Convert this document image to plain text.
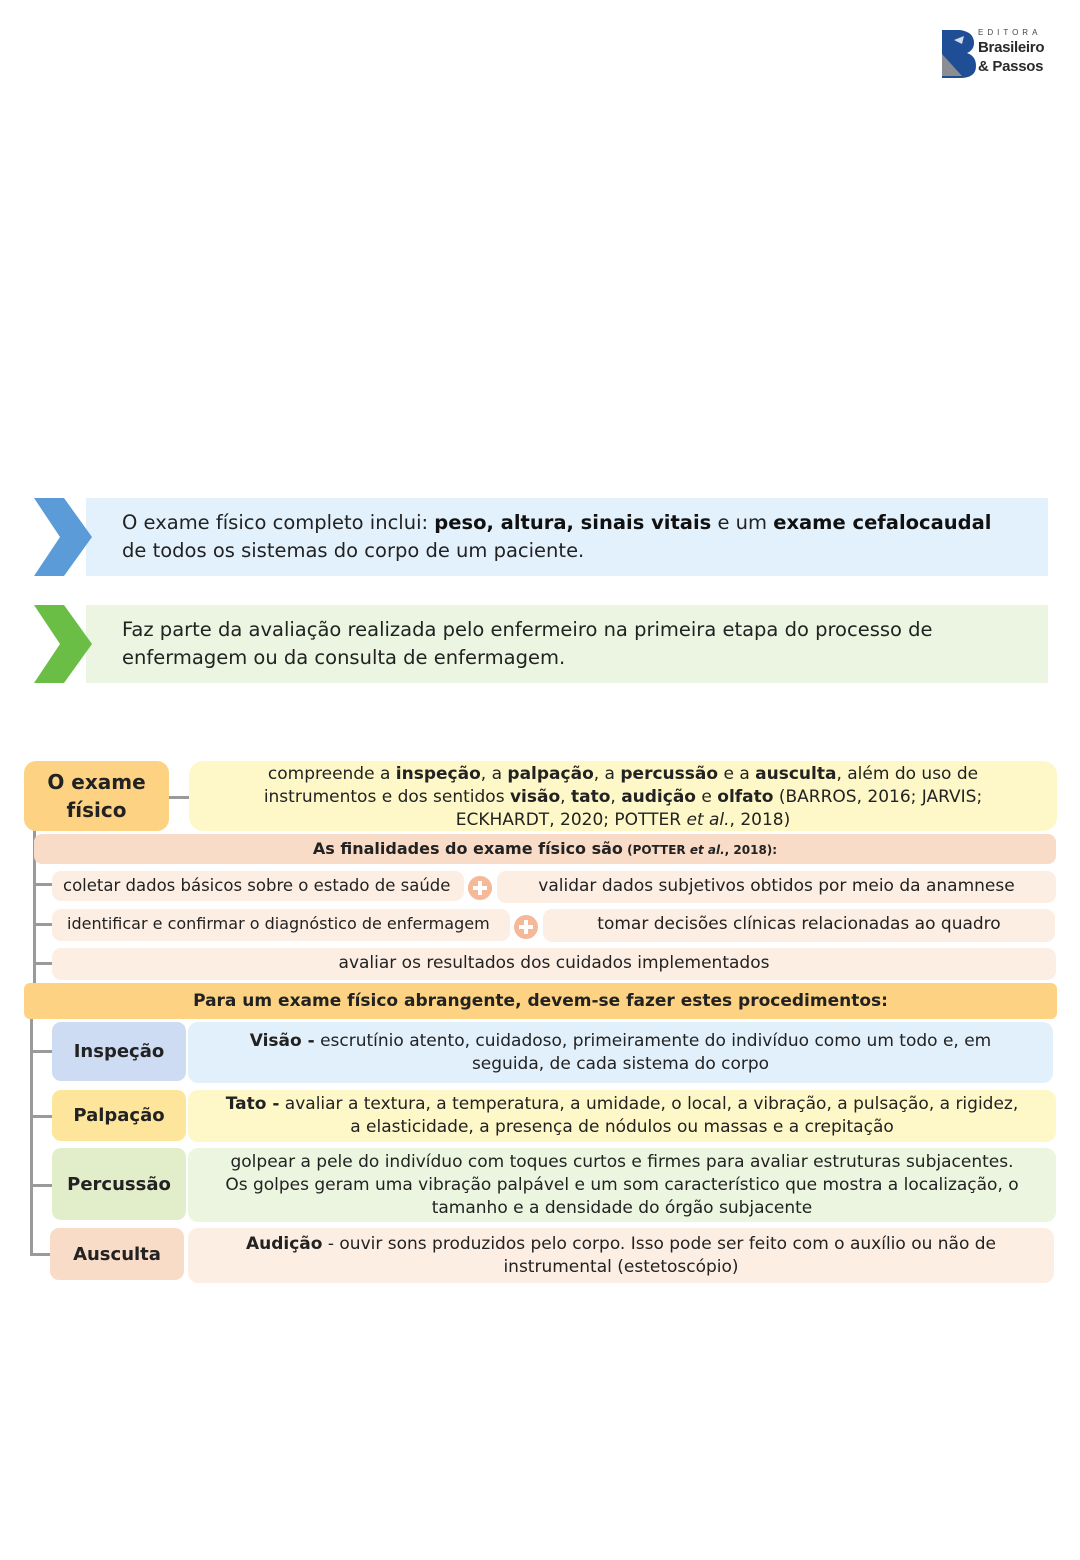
EDITORA
Brasileiro
& Passos
O exame físico completo inclui: peso, altura, sinais vitais e um exame cefalocaudal
de todos os sistemas do corpo de um paciente.
Faz parte da avaliação realizada pelo enfermeiro na primeira etapa do processo de
enfermagem ou da consulta de enfermagem.
O exame
físico
compreende a inspeção, a palpação, a percussão e a ausculta, além do uso de
instrumentos e dos sentidos visão, tato, audição e olfato (BARROS, 2016; JARVIS;
ECKHARDT, 2020; POTTER et al., 2018)
As finalidades do exame físico são (POTTER et al., 2018):
coletar dados básicos sobre o estado de saúde	validar dados subjetivos obtidos por meio da anamnese
identificar e confirmar o diagnóstico de enfermagem	tomar decisões clínicas relacionadas ao quadro
avaliar os resultados dos cuidados implementados
Para um exame físico abrangente, devem-se fazer estes procedimentos:
Inspeção
Visão - escrutínio atento, cuidadoso, primeiramente do indivíduo como um todo e, em
seguida, de cada sistema do corpo
Palpação
Tato - avaliar a textura, a temperatura, a umidade, o local, a vibração, a pulsação, a rigidez,
a elasticidade, a presença de nódulos ou massas e a crepitação
Percussão
golpear a pele do indivíduo com toques curtos e firmes para avaliar estruturas subjacentes.
Os golpes geram uma vibração palpável e um som característico que mostra a localização, o
tamanho e a densidade do órgão subjacente
Ausculta	Audição - ouvir sons produzidos pelo corpo. Isso pode ser feito com o auxílio ou não de
instrumental (estetoscópio)
